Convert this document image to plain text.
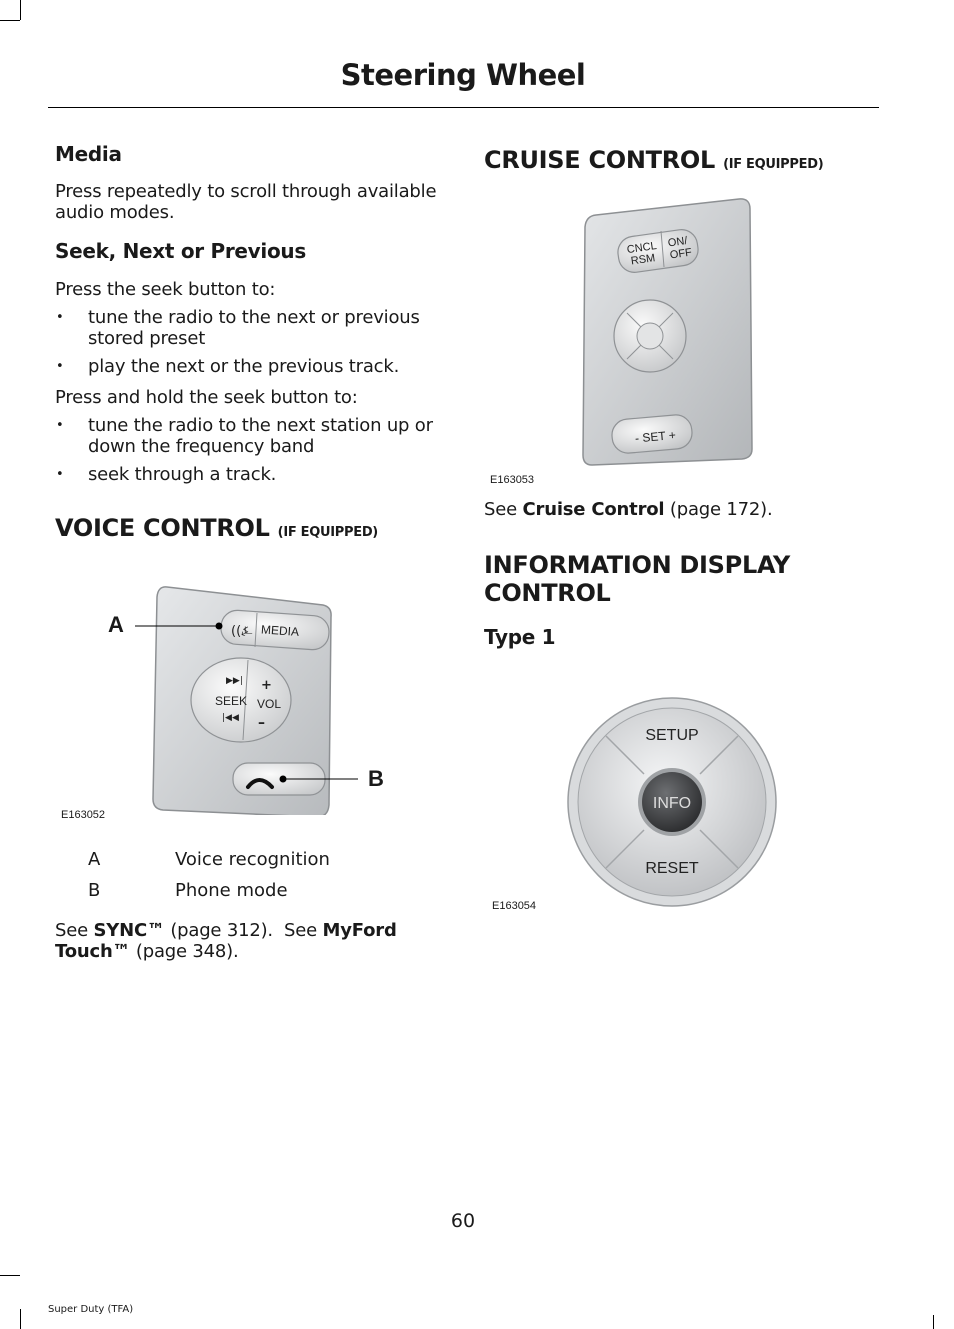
Steering Wheel
Media

Press repeatedly to scroll through available audio modes.

Seek, Next or Previous

Press the seek button to:

• tune the radio to the next or previous stored preset
• play the next or the previous track.

Press and hold the seek button to:

• tune the radio to the next station up or down the frequency band
• seek through a track.
VOICE CONTROL (IF EQUIPPED)
((⍼ MEDIA
▶▶|
SEEK
|◀◀
+
VOL
–
A
B
E163052
A	Voice recognition
B	Phone mode

See SYNC™ (page 312). See MyFord Touch™ (page 348).

CRUISE CONTROL (IF EQUIPPED)
CNCL
RSM
ON/
OFF
- SET +
E163053

See Cruise Control (page 172).

INFORMATION DISPLAY
CONTROL
Type 1
SETUP
INFO
RESET
E163054
60
Super Duty (TFA)
